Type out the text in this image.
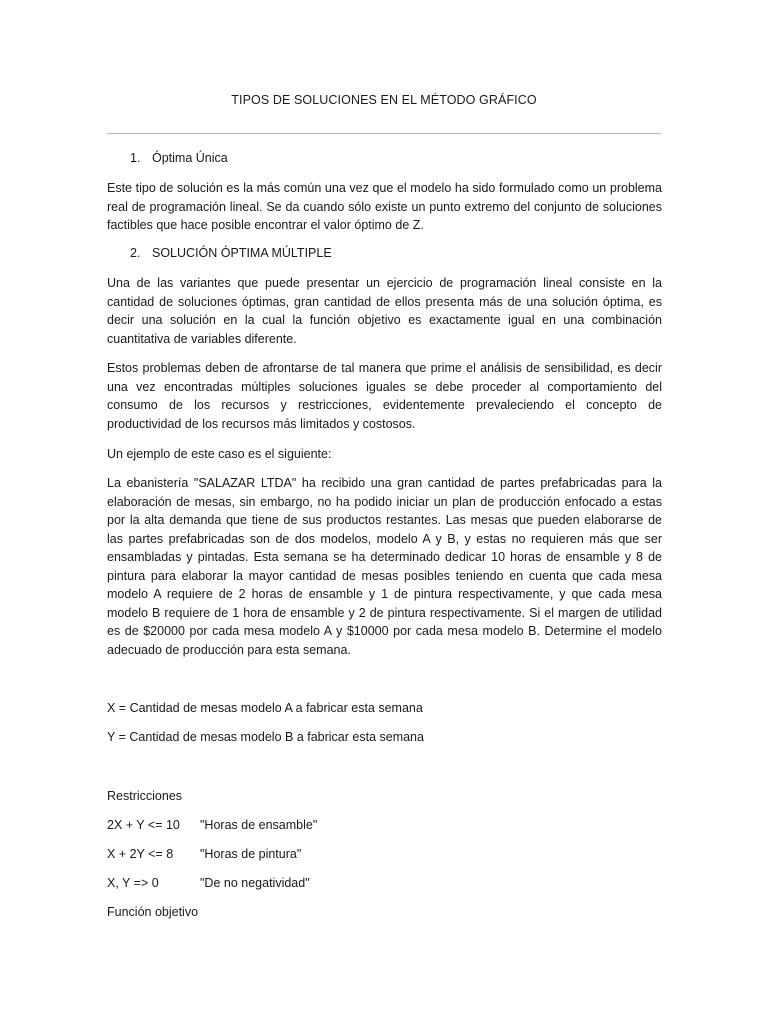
TIPOS DE SOLUCIONES EN EL MÉTODO GRÁFICO
1. Óptima Única
Este tipo de solución es la más común una vez que el modelo ha sido formulado como un problema real de programación lineal. Se da cuando sólo existe un punto extremo del conjunto de soluciones factibles que hace posible encontrar el valor óptimo de Z.
2. SOLUCIÓN ÓPTIMA MÚLTIPLE
Una de las variantes que puede presentar un ejercicio de programación lineal consiste en la cantidad de soluciones óptimas, gran cantidad de ellos presenta más de una solución óptima, es decir una solución en la cual la función objetivo es exactamente igual en una combinación cuantitativa de variables diferente.
Estos problemas deben de afrontarse de tal manera que prime el análisis de sensibilidad, es decir una vez encontradas múltiples soluciones iguales se debe proceder al comportamiento del consumo de los recursos y restricciones, evidentemente prevaleciendo el concepto de productividad de los recursos más limitados y costosos.
Un ejemplo de este caso es el siguiente:
La ebanistería "SALAZAR LTDA" ha recibido una gran cantidad de partes prefabricadas para la elaboración de mesas, sin embargo, no ha podido iniciar un plan de producción enfocado a estas por la alta demanda que tiene de sus productos restantes. Las mesas que pueden elaborarse de las partes prefabricadas son de dos modelos, modelo A y B, y estas no requieren más que ser ensambladas y pintadas. Esta semana se ha determinado dedicar 10 horas de ensamble y 8 de pintura para elaborar la mayor cantidad de mesas posibles teniendo en cuenta que cada mesa modelo A requiere de 2 horas de ensamble y 1 de pintura respectivamente, y que cada mesa modelo B requiere de 1 hora de ensamble y 2 de pintura respectivamente. Si el margen de utilidad es de $20000 por cada mesa modelo A y $10000 por cada mesa modelo B. Determine el modelo adecuado de producción para esta semana.
X = Cantidad de mesas modelo A a fabricar esta semana
Y = Cantidad de mesas modelo B a fabricar esta semana
Restricciones
2X + Y <= 10 "Horas de ensamble"
X + 2Y <= 8 "Horas de pintura"
X, Y => 0	"De no negatividad"
Función objetivo
